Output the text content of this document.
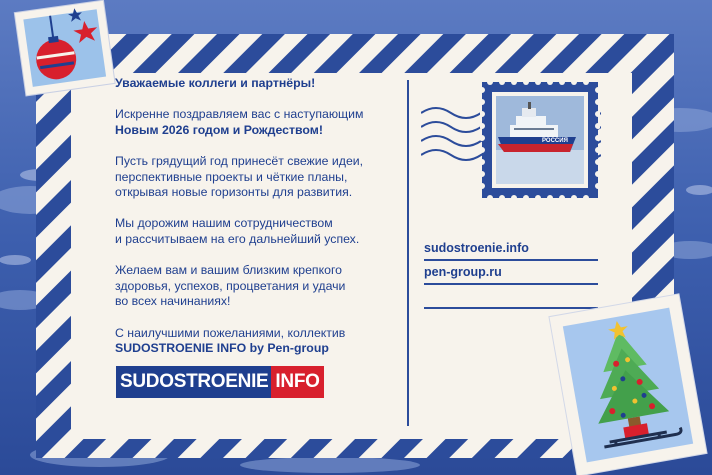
Уважаемые коллеги и партнёры!

Искренне поздравляем вас с наступающим
Новым 2026 годом и Рождеством!

Пусть грядущий год принесёт свежие идеи,
перспективные проекты и чёткие планы,
открывая новые горизонты для развития.

Мы дорожим нашим сотрудничеством
и рассчитываем на его дальнейший успех.

Желаем вам и вашим близким крепкого
здоровья, успехов, процветания и удачи
во всех начинаниях!

С наилучшими пожеланиями, коллектив
SUDOSTROENIE INFO by Pen-group

SUDOSTROENIE INFO
sudostroenie.info
pen-group.ru
РОССИЯ
